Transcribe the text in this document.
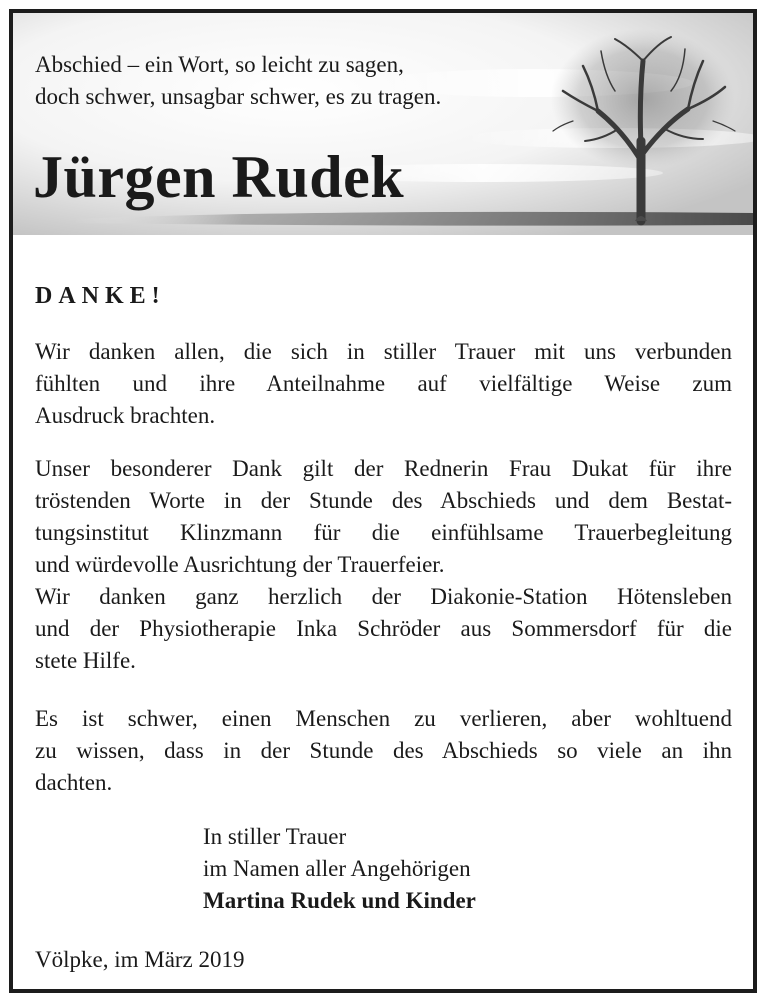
Abschied – ein Wort, so leicht zu sagen,
doch schwer, unsagbar schwer, es zu tragen.
Jürgen Rudek
DANKE!
Wir danken allen, die sich in stiller Trauer mit uns verbunden
fühlten und ihre Anteilnahme auf vielfältige Weise zum
Ausdruck brachten.
Unser besonderer Dank gilt der Rednerin Frau Dukat für ihre
tröstenden Worte in der Stunde des Abschieds und dem Bestat-
tungsinstitut Klinzmann für die einfühlsame Trauerbegleitung
und würdevolle Ausrichtung der Trauerfeier.
Wir danken ganz herzlich der Diakonie-Station Hötensleben
und der Physiotherapie Inka Schröder aus Sommersdorf für die
stete Hilfe.
Es ist schwer, einen Menschen zu verlieren, aber wohltuend
zu wissen, dass in der Stunde des Abschieds so viele an ihn
dachten.
In stiller Trauer
im Namen aller Angehörigen
Martina Rudek und Kinder
Völpke, im März 2019
